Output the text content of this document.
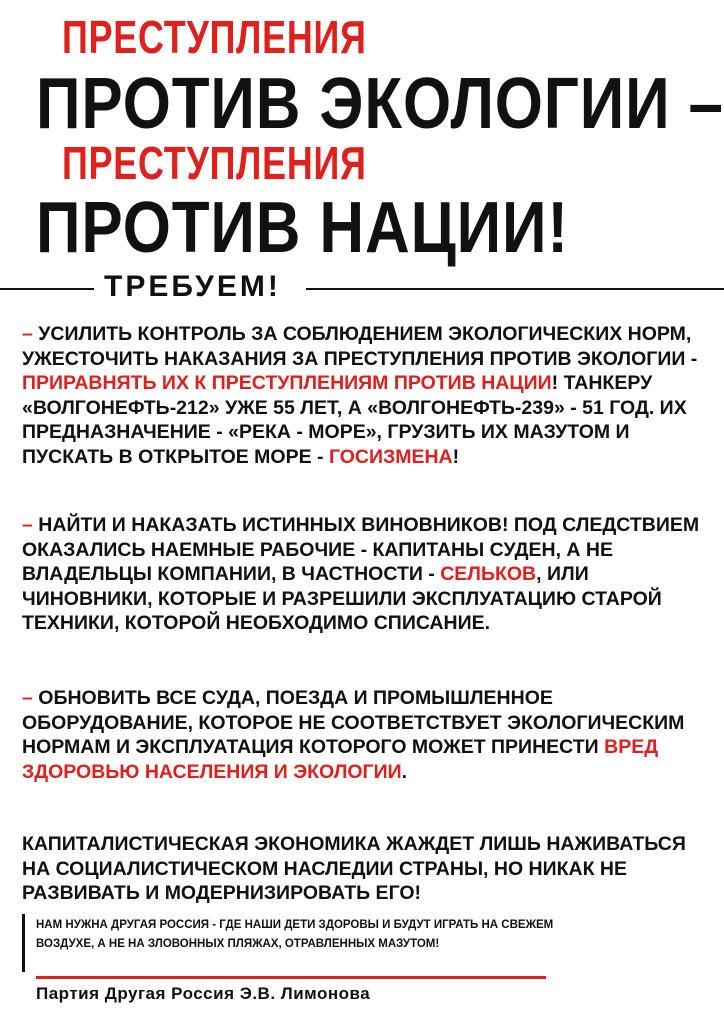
ПРЕСТУПЛЕНИЯ
ПРОТИВ ЭКОЛОГИИ –
ПРЕСТУПЛЕНИЯ
ПРОТИВ НАЦИИ!
ТРЕБУЕМ!

– УСИЛИТЬ КОНТРОЛЬ ЗА СОБЛЮДЕНИЕМ ЭКОЛОГИЧЕСКИХ НОРМ, УЖЕСТОЧИТЬ НАКАЗАНИЯ ЗА ПРЕСТУПЛЕНИЯ ПРОТИВ ЭКОЛОГИИ - ПРИРАВНЯТЬ ИХ К ПРЕСТУПЛЕНИЯМ ПРОТИВ НАЦИИ! ТАНКЕРУ «ВОЛГОНЕФТЬ-212» УЖЕ 55 ЛЕТ, А «ВОЛГОНЕФТЬ-239» - 51 ГОД. ИХ ПРЕДНАЗНАЧЕНИЕ - «РЕКА - МОРЕ», ГРУЗИТЬ ИХ МАЗУТОМ И ПУСКАТЬ В ОТКРЫТОЕ МОРЕ - ГОСИЗМЕНА!

– НАЙТИ И НАКАЗАТЬ ИСТИННЫХ ВИНОВНИКОВ! ПОД СЛЕДСТВИЕМ ОКАЗАЛИСЬ НАЕМНЫЕ РАБОЧИЕ - КАПИТАНЫ СУДЕН, А НЕ ВЛАДЕЛЬЦЫ КОМПАНИИ, В ЧАСТНОСТИ - СЕЛЬКОВ, ИЛИ ЧИНОВНИКИ, КОТОРЫЕ И РАЗРЕШИЛИ ЭКСПЛУАТАЦИЮ СТАРОЙ ТЕХНИКИ, КОТОРОЙ НЕОБХОДИМО СПИСАНИЕ.

– ОБНОВИТЬ ВСЕ СУДА, ПОЕЗДА И ПРОМЫШЛЕННОЕ ОБОРУДОВАНИЕ, КОТОРОЕ НЕ СООТВЕТСТВУЕТ ЭКОЛОГИЧЕСКИМ НОРМАМ И ЭКСПЛУАТАЦИЯ КОТОРОГО МОЖЕТ ПРИНЕСТИ ВРЕД ЗДОРОВЬЮ НАСЕЛЕНИЯ И ЭКОЛОГИИ.

КАПИТАЛИСТИЧЕСКАЯ ЭКОНОМИКА ЖАЖДЕТ ЛИШЬ НАЖИВАТЬСЯ НА СОЦИАЛИСТИЧЕСКОМ НАСЛЕДИИ СТРАНЫ, НО НИКАК НЕ РАЗВИВАТЬ И МОДЕРНИЗИРОВАТЬ ЕГО!

НАМ НУЖНА ДРУГАЯ РОССИЯ - ГДЕ НАШИ ДЕТИ ЗДОРОВЫ И БУДУТ ИГРАТЬ НА СВЕЖЕМ ВОЗДУХЕ, А НЕ НА ЗЛОВОННЫХ ПЛЯЖАХ, ОТРАВЛЕННЫХ МАЗУТОМ!

Партия Другая Россия Э.В. Лимонова
